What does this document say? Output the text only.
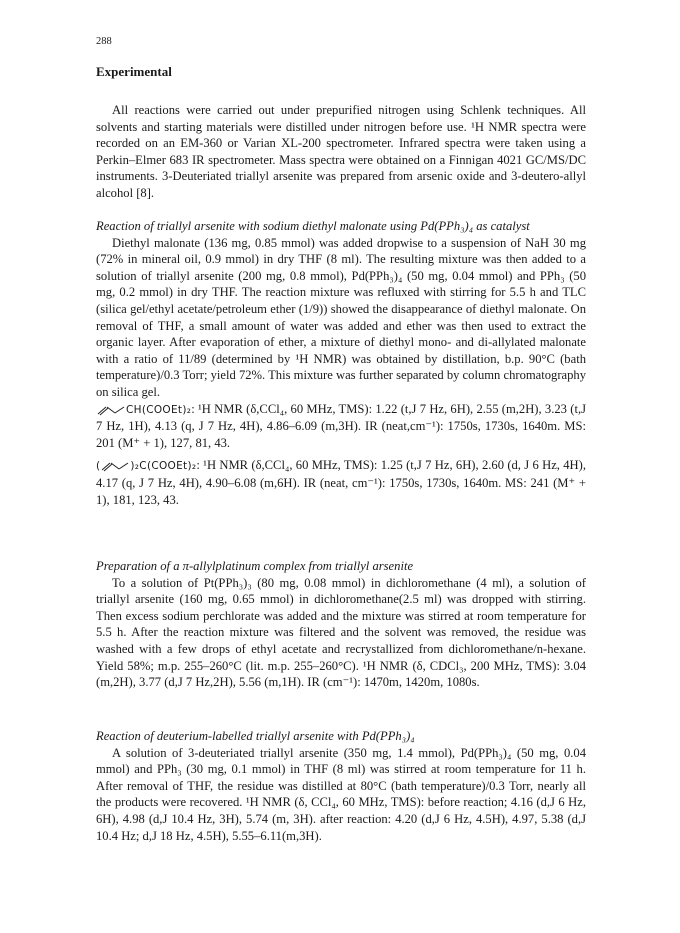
288
Experimental

All reactions were carried out under prepurified nitrogen using Schlenk techniques. All solvents and starting materials were distilled under nitrogen before use. ¹H NMR spectra were recorded on an EM-360 or Varian XL-200 spectrometer. Infrared spectra were taken using a Perkin–Elmer 683 IR spectrometer. Mass spectra were obtained on a Finnigan 4021 GC/MS/DC instruments. 3-Deuteriated triallyl arsenite was prepared from arsenic oxide and 3-deutero-allyl alcohol [8].

Reaction of triallyl arsenite with sodium diethyl malonate using Pd(PPh₃)₄ as catalyst

Diethyl malonate (136 mg, 0.85 mmol) was added dropwise to a suspension of NaH 30 mg (72% in mineral oil, 0.9 mmol) in dry THF (8 ml). The resulting mixture was then added to a solution of triallyl arsenite (200 mg, 0.8 mmol), Pd(PPh₃)₄ (50 mg, 0.04 mmol) and PPh₃ (50 mg, 0.2 mmol) in dry THF. The reaction mixture was refluxed with stirring for 5.5 h and TLC (silica gel/ethyl acetate/petroleum ether (1/9)) showed the disappearance of diethyl malonate. On removal of THF, a small amount of water was added and ether was then used to extract the organic layer. After evaporation of ether, a mixture of diethyl mono- and di-allylated malonate with a ratio of 11/89 (determined by ¹H NMR) was obtained by distillation, b.p. 90°C (bath temperature)/0.3 Torr; yield 72%. This mixture was further separated by column chromatography on silica gel.

CH(COOEt)₂: ¹H NMR (δ,CCl₄, 60 MHz, TMS): 1.22 (t,J 7 Hz, 6H), 2.55 (m,2H), 3.23 (t,J 7 Hz, 1H), 4.13 (q, J 7 Hz, 4H), 4.86–6.09 (m,3H). IR (neat,cm⁻¹): 1750s, 1730s, 1640m. MS: 201 (M⁺ + 1), 127, 81, 43.

(	)₂C(COOEt)₂: ¹H NMR (δ,CCl₄, 60 MHz, TMS): 1.25 (t,J 7 Hz, 6H), 2.60 (d, J 6 Hz, 4H), 4.17 (q, J 7 Hz, 4H), 4.90–6.08 (m,6H). IR (neat, cm⁻¹): 1750s, 1730s, 1640m. MS: 241 (M⁺ + 1), 181, 123, 43.

Preparation of a π-allylplatinum complex from triallyl arsenite

To a solution of Pt(PPh₃)₃ (80 mg, 0.08 mmol) in dichloromethane (4 ml), a solution of triallyl arsenite (160 mg, 0.65 mmol) in dichloromethane(2.5 ml) was dropped with stirring. Then excess sodium perchlorate was added and the mixture was stirred at room temperature for 5.5 h. After the reaction mixture was filtered and the solvent was removed, the residue was washed with a few drops of ethyl acetate and recrystallized from dichloromethane/n-hexane. Yield 58%; m.p. 255–260°C (lit. m.p. 255–260°C). ¹H NMR (δ, CDCl₃, 200 MHz, TMS): 3.04 (m,2H), 3.77 (d,J 7 Hz,2H), 5.56 (m,1H). IR (cm⁻¹): 1470m, 1420m, 1080s.

Reaction of deuterium-labelled triallyl arsenite with Pd(PPh₃)₄

A solution of 3-deuteriated triallyl arsenite (350 mg, 1.4 mmol), Pd(PPh₃)₄ (50 mg, 0.04 mmol) and PPh₃ (30 mg, 0.1 mmol) in THF (8 ml) was stirred at room temperature for 11 h. After removal of THF, the residue was distilled at 80°C (bath temperature)/0.3 Torr, nearly all the products were recovered. ¹H NMR (δ, CCl₄, 60 MHz, TMS): before reaction; 4.16 (d,J 6 Hz, 6H), 4.98 (d,J 10.4 Hz, 3H), 5.74 (m, 3H). after reaction: 4.20 (d,J 6 Hz, 4.5H), 4.97, 5.38 (d,J 10.4 Hz; d,J 18 Hz, 4.5H), 5.55–6.11(m,3H).
